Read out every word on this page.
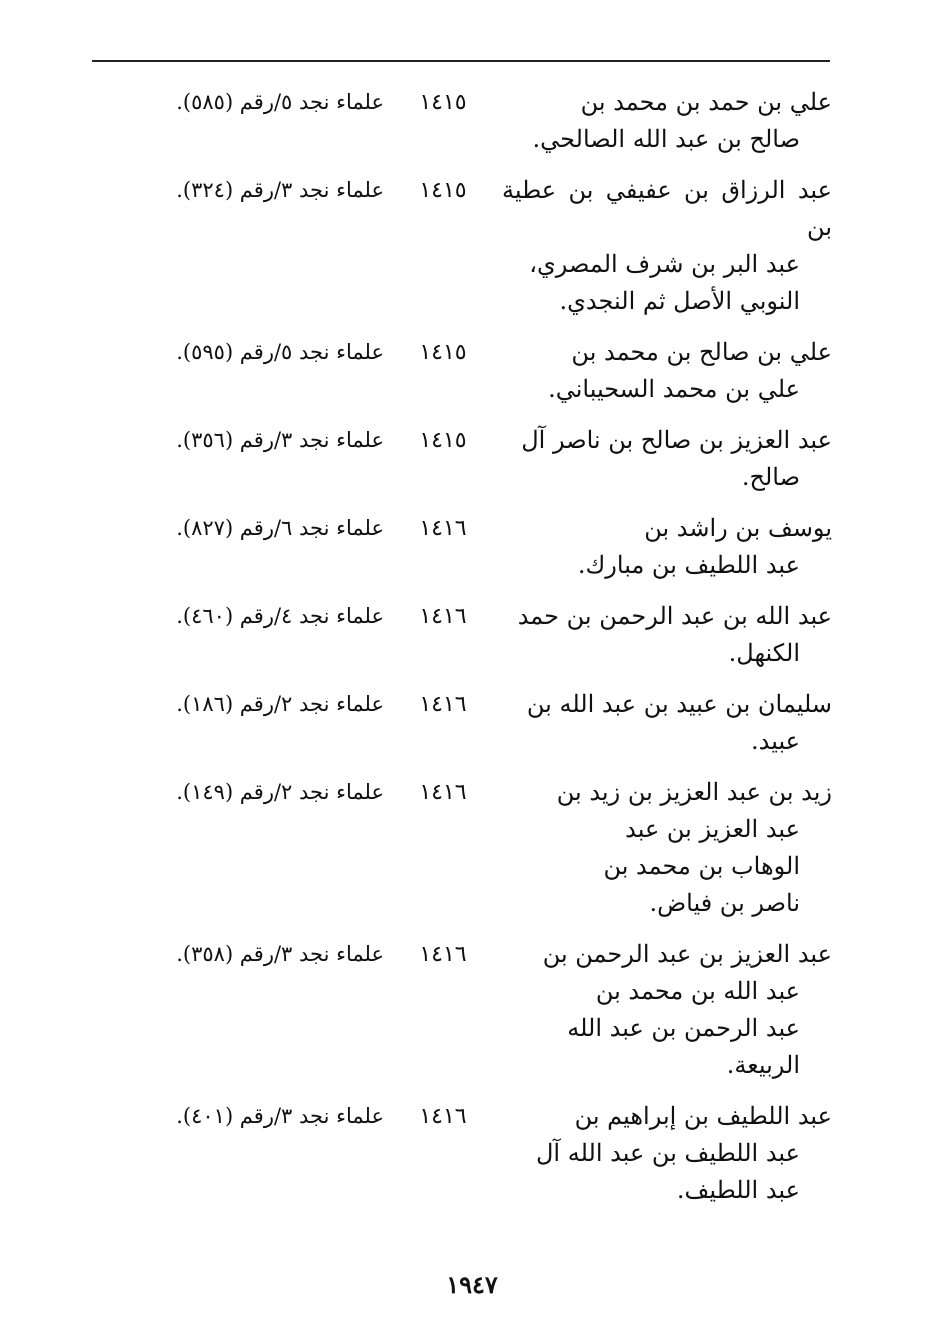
علي بن حمد بن محمد بن
صالح بن عبد الله الصالحي.
١٤١٥
علماء نجد ٥/رقم (٥٨٥).
عبد الرزاق بن عفيفي بن عطية بن
عبد البر بن شرف المصري،
النوبي الأصل ثم النجدي.
١٤١٥
علماء نجد ٣/رقم (٣٢٤).
علي بن صالح بن محمد بن
علي بن محمد السحيباني.
١٤١٥
علماء نجد ٥/رقم (٥٩٥).
عبد العزيز بن صالح بن ناصر آل
صالح.
١٤١٥
علماء نجد ٣/رقم (٣٥٦).
يوسف بن راشد بن
عبد اللطيف بن مبارك.
١٤١٦
علماء نجد ٦/رقم (٨٢٧).
عبد الله بن عبد الرحمن بن حمد
الكنهل.
١٤١٦
علماء نجد ٤/رقم (٤٦٠).
سليمان بن عبيد بن عبد الله بن
عبيد.
١٤١٦
علماء نجد ٢/رقم (١٨٦).
زيد بن عبد العزيز بن زيد بن
عبد العزيز بن عبد
الوهاب بن محمد بن
ناصر بن فياض.
١٤١٦
علماء نجد ٢/رقم (١٤٩).
عبد العزيز بن عبد الرحمن بن
عبد الله بن محمد بن
عبد الرحمن بن عبد الله
الربيعة.
١٤١٦
علماء نجد ٣/رقم (٣٥٨).
عبد اللطيف بن إبراهيم بن
عبد اللطيف بن عبد الله آل
عبد اللطيف.
١٤١٦
علماء نجد ٣/رقم (٤٠١).
١٩٤٧
